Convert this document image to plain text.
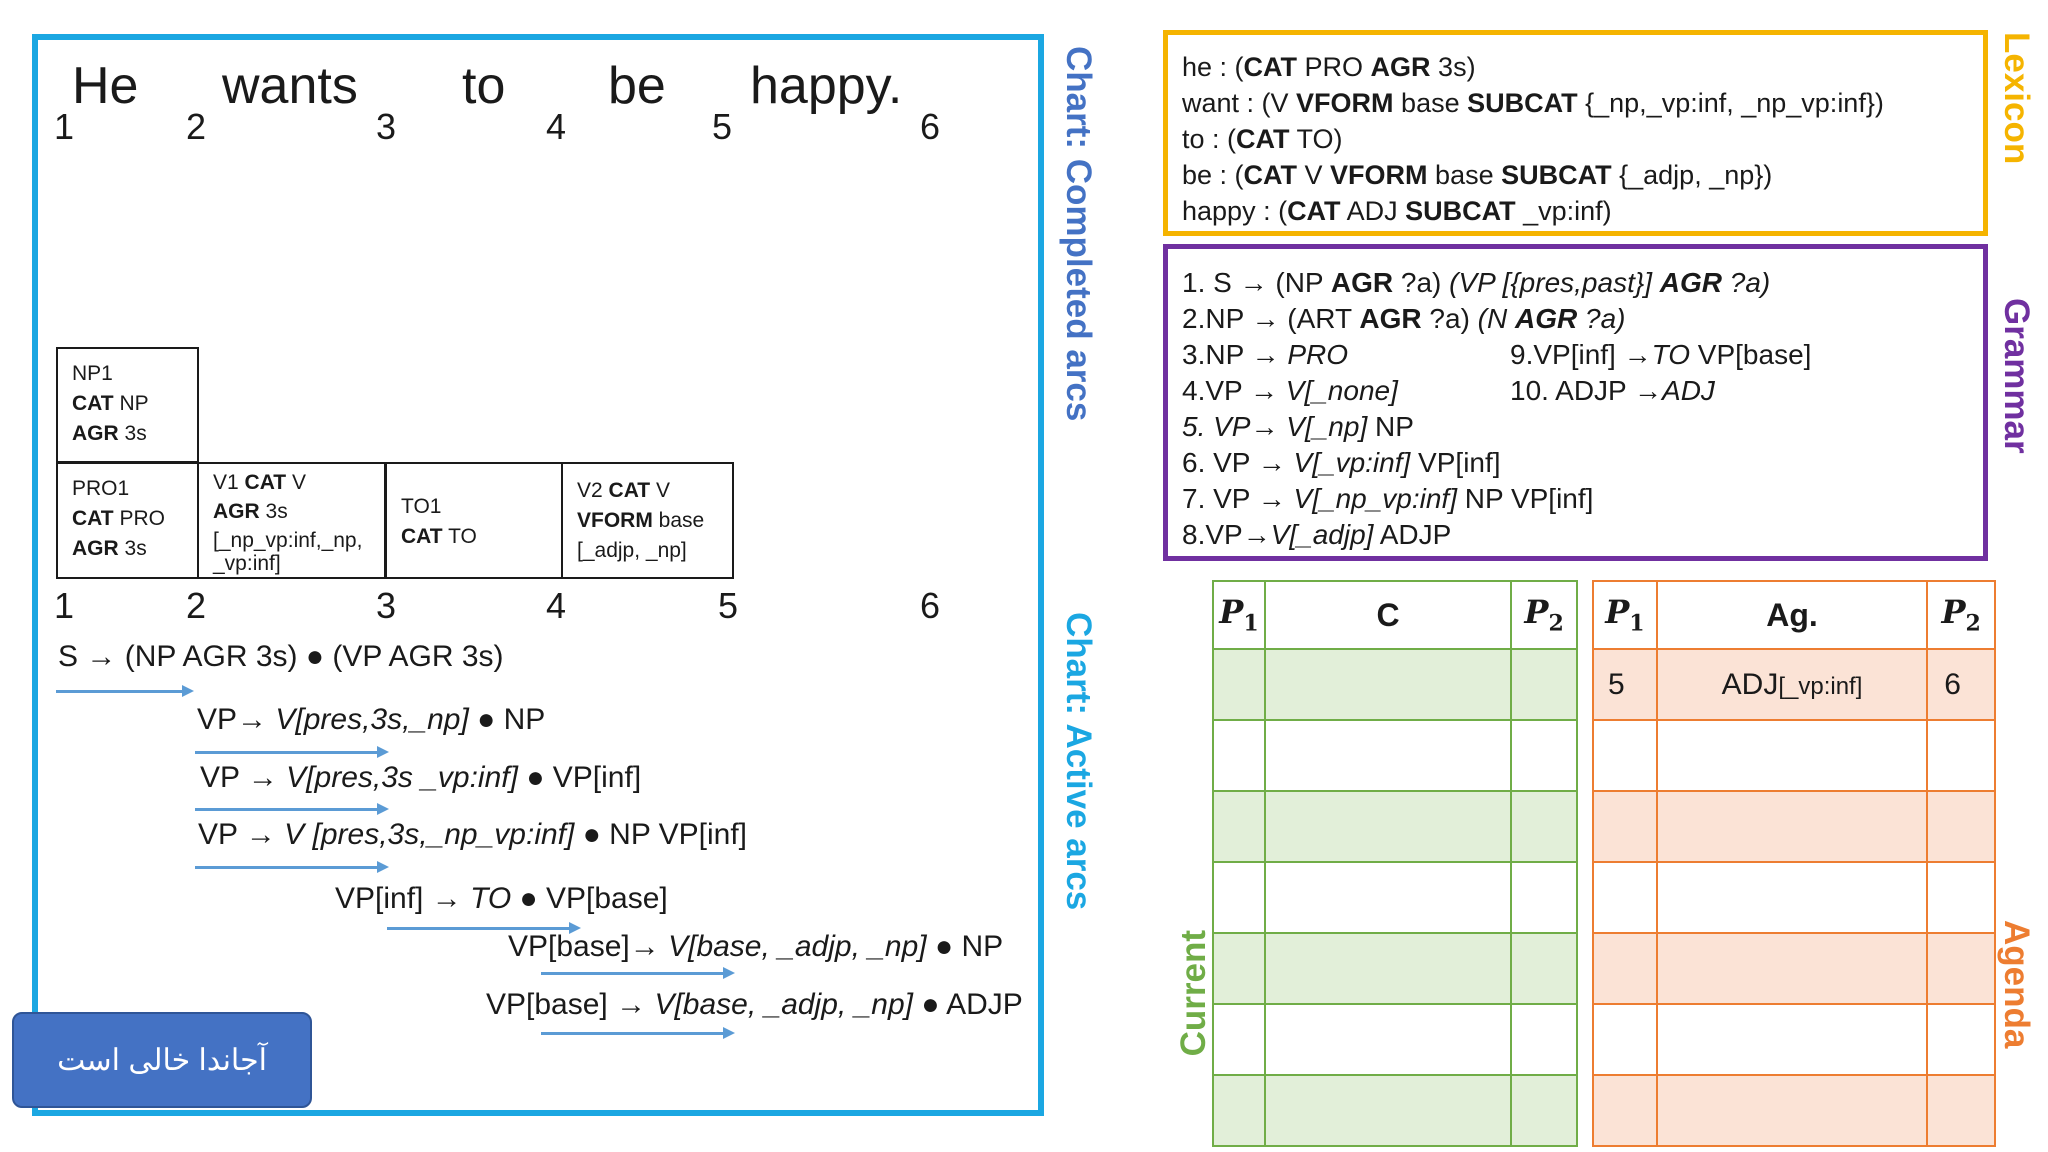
He wants to be happy.
1	2	3	4	5	6
NP1
CAT NP
AGR 3s
PRO1
CAT PRO
AGR 3s
V1 CAT V
AGR 3s
[_np_vp:inf,_np,
_vp:inf]
TO1
CAT TO
V2 CAT V
VFORM base
[_adjp, _np]
1	2	3	4	5	6
S → (NP AGR 3s) ● (VP AGR 3s)
VP→ V[pres,3s,_np] ● NP
VP → V[pres,3s _vp:inf] ● VP[inf]
VP → V [pres,3s,_np_vp:inf] ● NP VP[inf]
VP[inf] → TO ● VP[base]
VP[base]→ V[base, _adjp, _np] ● NP
VP[base] → V[base, _adjp, _np] ● ADJP
Chart: Completed arcs
Chart: Active arcs
آجاندا خالی است
he : (CAT PRO AGR 3s)
want : (V VFORM base SUBCAT {_np,_vp:inf, _np_vp:inf})
to : (CAT TO)
be : (CAT V VFORM base SUBCAT {_adjp, _np})
happy : (CAT ADJ SUBCAT _vp:inf)
Lexicon
1. S → (NP AGR ?a) (VP [{pres,past}] AGR ?a)
2.NP → (ART AGR ?a) (N AGR ?a)
3.NP → PRO	9.VP[inf] →TO VP[base]
4.VP → V[_none]	10. ADJP →ADJ
5. VP→ V[_np] NP
6. VP → V[_vp:inf] VP[inf]
7. VP → V[_np_vp:inf] NP VP[inf]
8.VP→V[_adjp] ADJP
Grammar
$P_1$	C	$P_2$

Current
$P_1$	Ag.	$P_2$
5	ADJ[_vp:inf]	6

Agenda
